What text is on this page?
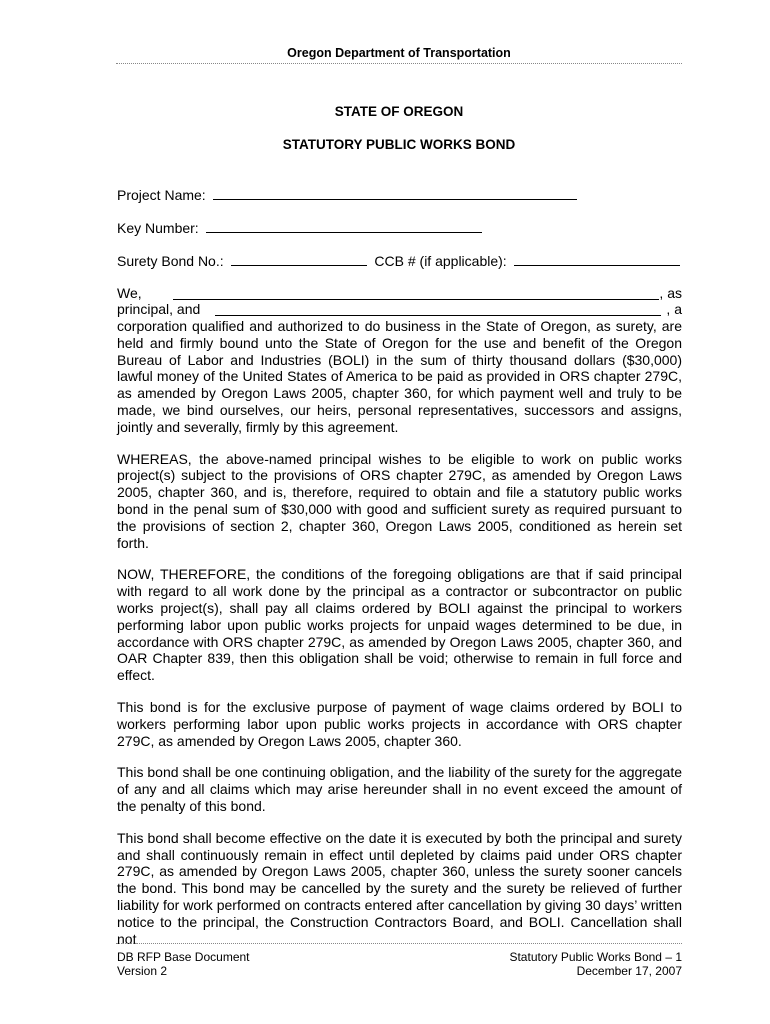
Oregon Department of Transportation
STATE OF OREGON
STATUTORY PUBLIC WORKS BOND
Project Name:
Key Number:
Surety Bond No.:	CCB # (if applicable):
We,	, as
principal, and	, a

corporation qualified and authorized to do business in the State of Oregon, as surety, are held and firmly bound unto the State of Oregon for the use and benefit of the Oregon Bureau of Labor and Industries (BOLI) in the sum of thirty thousand dollars ($30,000) lawful money of the United States of America to be paid as provided in ORS chapter 279C, as amended by Oregon Laws 2005, chapter 360, for which payment well and truly to be made, we bind ourselves, our heirs, personal representatives, successors and assigns, jointly and severally, firmly by this agreement.

WHEREAS, the above-named principal wishes to be eligible to work on public works project(s) subject to the provisions of ORS chapter 279C, as amended by Oregon Laws 2005, chapter 360, and is, therefore, required to obtain and file a statutory public works bond in the penal sum of $30,000 with good and sufficient surety as required pursuant to the provisions of section 2, chapter 360, Oregon Laws 2005, conditioned as herein set forth.

NOW, THEREFORE, the conditions of the foregoing obligations are that if said principal with regard to all work done by the principal as a contractor or subcontractor on public works project(s), shall pay all claims ordered by BOLI against the principal to workers performing labor upon public works projects for unpaid wages determined to be due, in accordance with ORS chapter 279C, as amended by Oregon Laws 2005, chapter 360, and OAR Chapter 839, then this obligation shall be void; otherwise to remain in full force and effect.

This bond is for the exclusive purpose of payment of wage claims ordered by BOLI to workers performing labor upon public works projects in accordance with ORS chapter 279C, as amended by Oregon Laws 2005, chapter 360.

This bond shall be one continuing obligation, and the liability of the surety for the aggregate of any and all claims which may arise hereunder shall in no event exceed the amount of the penalty of this bond.

This bond shall become effective on the date it is executed by both the principal and surety and shall continuously remain in effect until depleted by claims paid under ORS chapter 279C, as amended by Oregon Laws 2005, chapter 360, unless the surety sooner cancels the bond. This bond may be cancelled by the surety and the surety be relieved of further liability for work performed on contracts entered after cancellation by giving 30 days’ written notice to the principal, the Construction Contractors Board, and BOLI. Cancellation shall not

DB RFP Base Document
Version 2
Statutory Public Works Bond – 1
December 17, 2007
